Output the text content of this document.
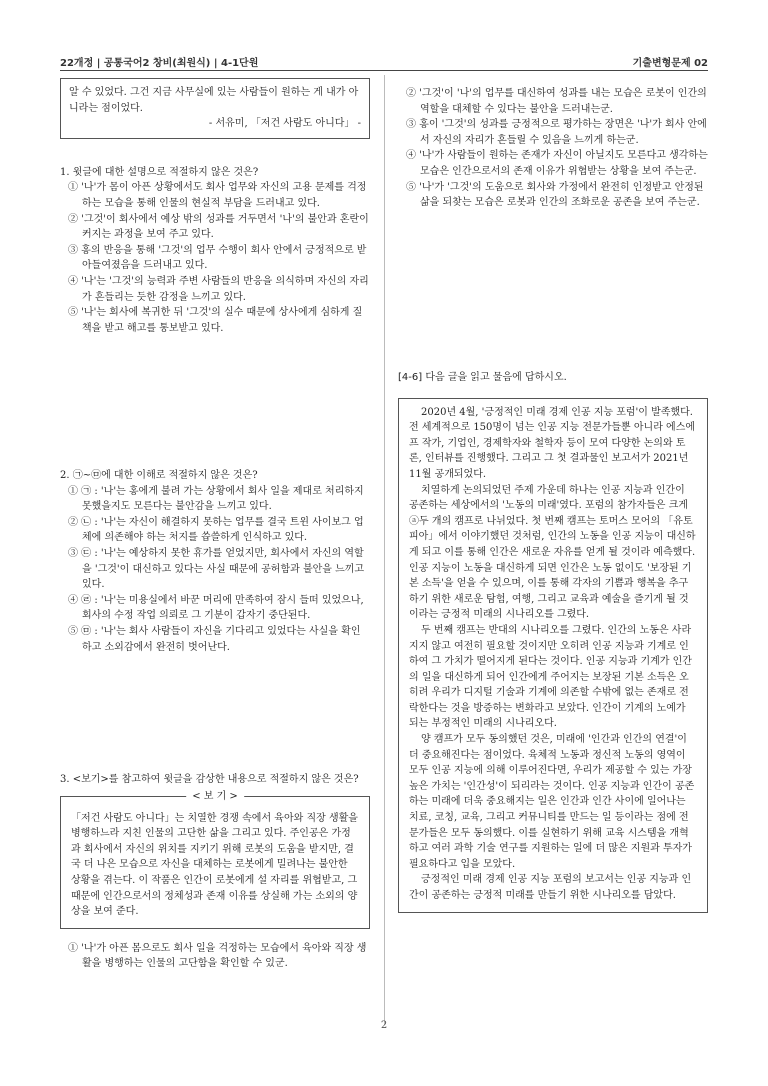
22개정 | 공통국어2 창비(최원식) | 4-1단원	기출변형문제 02
알 수 있었다. 그건 지금 사무실에 있는 사람들이 원하는 게 내가 아니라는 점이었다.
- 서유미, 「저건 사람도 아니다」 -

1. 윗글에 대한 설명으로 적절하지 않은 것은?

① '나'가 몸이 아픈 상황에서도 회사 업무와 자신의 고용 문제를 걱정하는 모습을 통해 인물의 현실적 부담을 드러내고 있다.
② '그것'이 회사에서 예상 밖의 성과를 거두면서 '나'의 불안과 혼란이 커지는 과정을 보여 주고 있다.
③ 홍의 반응을 통해 '그것'의 업무 수행이 회사 안에서 긍정적으로 받아들여졌음을 드러내고 있다.
④ '나'는 '그것'의 능력과 주변 사람들의 반응을 의식하며 자신의 자리가 흔들리는 듯한 감정을 느끼고 있다.
⑤ '나'는 회사에 복귀한 뒤 '그것'의 실수 때문에 상사에게 심하게 질책을 받고 해고를 통보받고 있다.

2. ㉠~㉤에 대한 이해로 적절하지 않은 것은?

① ㉠ : '나'는 홍에게 불려 가는 상황에서 회사 일을 제대로 처리하지 못했을지도 모른다는 불안감을 느끼고 있다.
② ㉡ : '나'는 자신이 해결하지 못하는 업무를 결국 트윈 사이보그 업체에 의존해야 하는 처지를 씁쓸하게 인식하고 있다.
③ ㉢ : '나'는 예상하지 못한 휴가를 얻었지만, 회사에서 자신의 역할을 '그것'이 대신하고 있다는 사실 때문에 공허함과 불안을 느끼고 있다.
④ ㉣ : '나'는 미용실에서 바꾼 머리에 만족하여 잠시 들떠 있었으나, 회사의 수정 작업 의뢰로 그 기분이 갑자기 중단된다.
⑤ ㉤ : '나'는 회사 사람들이 자신을 기다리고 있었다는 사실을 확인하고 소외감에서 완전히 벗어난다.

3. <보기>를 참고하여 윗글을 감상한 내용으로 적절하지 않은 것은?

< 보 기 >
「저건 사람도 아니다」는 치열한 경쟁 속에서 육아와 직장 생활을 병행하느라 지친 인물의 고단한 삶을 그리고 있다. 주인공은 가정과 회사에서 자신의 위치를 지키기 위해 로봇의 도움을 받지만, 결국 더 나은 모습으로 자신을 대체하는 로봇에게 밀려나는 불안한 상황을 겪는다. 이 작품은 인간이 로봇에게 설 자리를 위협받고, 그 때문에 인간으로서의 정체성과 존재 이유를 상실해 가는 소외의 양상을 보여 준다.
① '나'가 아픈 몸으로도 회사 일을 걱정하는 모습에서 육아와 직장 생활을 병행하는 인물의 고단함을 확인할 수 있군.
② '그것'이 '나'의 업무를 대신하여 성과를 내는 모습은 로봇이 인간의 역할을 대체할 수 있다는 불안을 드러내는군.
③ 홍이 '그것'의 성과를 긍정적으로 평가하는 장면은 '나'가 회사 안에서 자신의 자리가 흔들릴 수 있음을 느끼게 하는군.
④ '나'가 사람들이 원하는 존재가 자신이 아닐지도 모른다고 생각하는 모습은 인간으로서의 존재 이유가 위협받는 상황을 보여 주는군.
⑤ '나'가 '그것'의 도움으로 회사와 가정에서 완전히 인정받고 안정된 삶을 되찾는 모습은 로봇과 인간의 조화로운 공존을 보여 주는군.

[4-6] 다음 글을 읽고 물음에 답하시오.

2020년 4월, '긍정적인 미래 경제 인공 지능 포럼'이 발족했다. 전 세계적으로 150명이 넘는 인공 지능 전문가들뿐 아니라 에스에프 작가, 기업인, 경제학자와 철학자 등이 모여 다양한 논의와 토론, 인터뷰를 진행했다. 그리고 그 첫 결과물인 보고서가 2021년 11월 공개되었다.

치열하게 논의되었던 주제 가운데 하나는 인공 지능과 인간이 공존하는 세상에서의 '노동의 미래'였다. 포럼의 참가자들은 크게 ⓐ두 개의 캠프로 나뉘었다. 첫 번째 캠프는 토머스 모어의 「유토피아」에서 이야기했던 것처럼, 인간의 노동을 인공 지능이 대신하게 되고 이를 통해 인간은 새로운 자유를 얻게 될 것이라 예측했다. 인공 지능이 노동을 대신하게 되면 인간은 노동 없이도 '보장된 기본 소득'을 얻을 수 있으며, 이를 통해 각자의 기쁨과 행복을 추구하기 위한 새로운 탐험, 여행, 그리고 교육과 예술을 즐기게 될 것이라는 긍정적 미래의 시나리오를 그렸다.

두 번째 캠프는 반대의 시나리오를 그렸다. 인간의 노동은 사라지지 않고 여전히 필요할 것이지만 오히려 인공 지능과 기계로 인하여 그 가치가 떨어지게 된다는 것이다. 인공 지능과 기계가 인간의 일을 대신하게 되어 인간에게 주어지는 보장된 기본 소득은 오히려 우리가 디지털 기술과 기계에 의존할 수밖에 없는 존재로 전락한다는 것을 방증하는 변화라고 보았다. 인간이 기계의 노예가 되는 부정적인 미래의 시나리오다.

양 캠프가 모두 동의했던 것은, 미래에 '인간과 인간의 연결'이 더 중요해진다는 점이었다. 육체적 노동과 정신적 노동의 영역이 모두 인공 지능에 의해 이루어진다면, 우리가 제공할 수 있는 가장 높은 가치는 '인간성'이 되리라는 것이다. 인공 지능과 인간이 공존하는 미래에 더욱 중요해지는 일은 인간과 인간 사이에 일어나는 치료, 코칭, 교육, 그리고 커뮤니티를 만드는 일 등이라는 점에 전문가들은 모두 동의했다. 이를 실현하기 위해 교육 시스템을 개혁하고 여러 과학 기술 연구를 지원하는 일에 더 많은 지원과 투자가 필요하다고 입을 모았다.

긍정적인 미래 경제 인공 지능 포럼의 보고서는 인공 지능과 인간이 공존하는 긍정적 미래를 만들기 위한 시나리오를 담았다.

2
